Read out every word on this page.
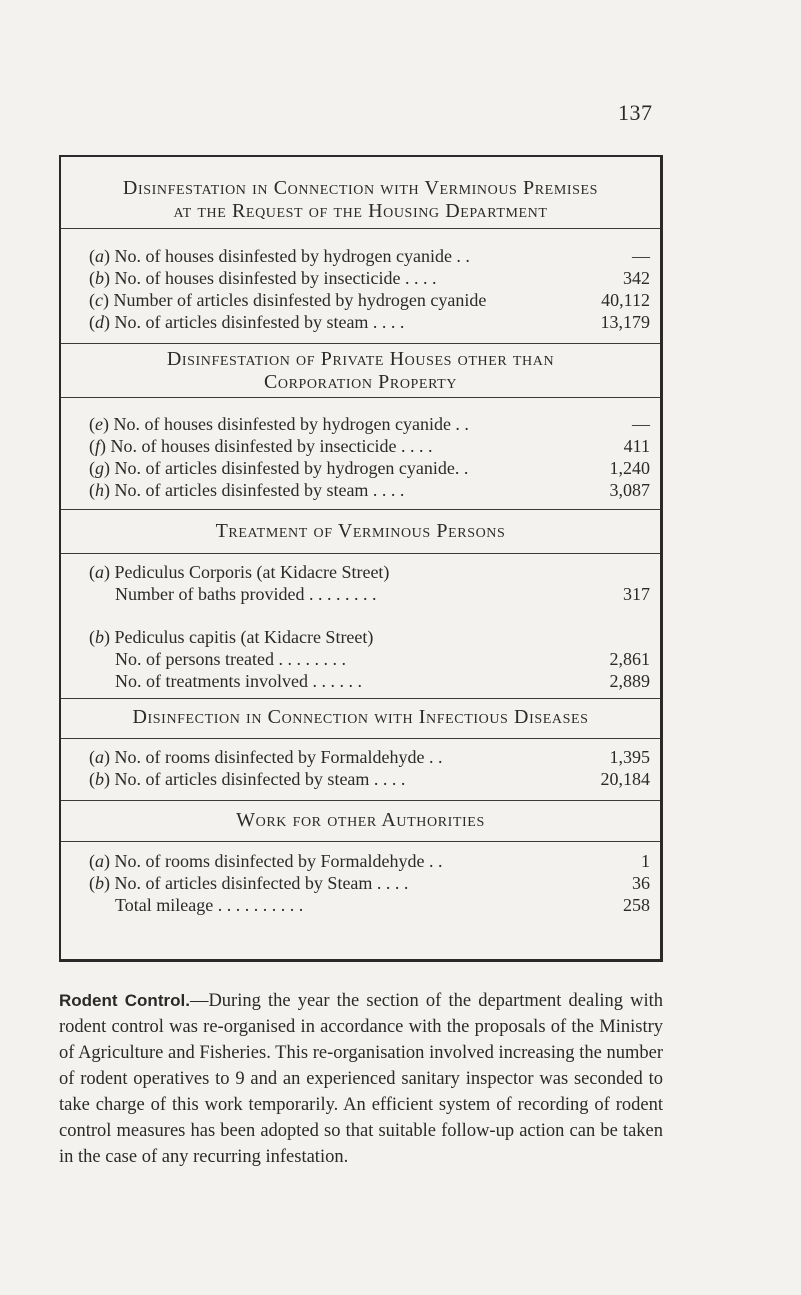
137
Disinfestation in Connection with Verminous Premises
at the Request of the Housing Department
(a) No. of houses disinfested by hydrogen cyanide . .	—
(b) No. of houses disinfested by insecticide . . . .	342
(c) Number of articles disinfested by hydrogen cyanide	40,112
(d) No. of articles disinfested by steam . . . .	13,179
Disinfestation of Private Houses other than
Corporation Property
(e) No. of houses disinfested by hydrogen cyanide . .	—
(f) No. of houses disinfested by insecticide . . . .	411
(g) No. of articles disinfested by hydrogen cyanide. .	1,240
(h) No. of articles disinfested by steam . . . .	3,087
Treatment of Verminous Persons
(a) Pediculus Corporis (at Kidacre Street)
Number of baths provided . . . . . . . .	317
(b) Pediculus capitis (at Kidacre Street)
No. of persons treated . . . . . . . .	2,861
No. of treatments involved . . . . . .	2,889
Disinfection in Connection with Infectious Diseases
(a) No. of rooms disinfected by Formaldehyde . .	1,395
(b) No. of articles disinfected by steam . . . .	20,184
Work for other Authorities
(a) No. of rooms disinfected by Formaldehyde . .	1
(b) No. of articles disinfected by Steam . . . .	36
Total mileage . . . . . . . . . .	258

Rodent Control.—During the year the section of the department dealing with rodent control was re-organised in accordance with the proposals of the Ministry of Agriculture and Fisheries. This re-organisation involved increasing the number of rodent operatives to 9 and an experienced sanitary inspector was seconded to take charge of this work temporarily. An efficient system of recording of rodent control measures has been adopted so that suitable follow-up action can be taken in the case of any recurring infestation.
